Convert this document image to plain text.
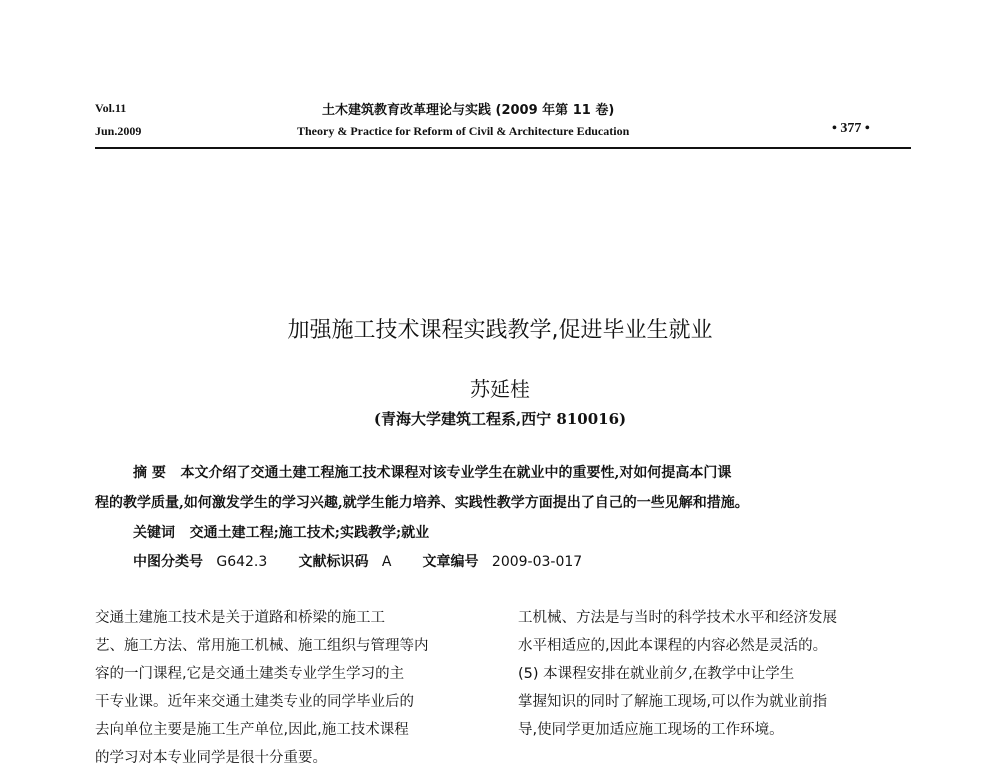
Vol.11
Jun.2009
土木建筑教育改革理论与实践 (2009 年第 11 卷)
Theory & Practice for Reform of Civil & Architecture Education	• 377 •
加强施工技术课程实践教学,促进毕业生就业
苏延桂
(青海大学建筑工程系,西宁 810016)
摘 要 本文介绍了交通土建工程施工技术课程对该专业学生在就业中的重要性,对如何提高本门课
程的教学质量,如何激发学生的学习兴趣,就学生能力培养、实践性教学方面提出了自己的一些见解和措施。
关键词 交通土建工程;施工技术;实践教学;就业
中图分类号 G642.3 文献标识码 A 文章编号 2009-03-017
交通土建施工技术是关于道路和桥梁的施工工
艺、施工方法、常用施工机械、施工组织与管理等内
容的一门课程,它是交通土建类专业学生学习的主
干专业课。近年来交通土建类专业的同学毕业后的
去向单位主要是施工生产单位,因此,施工技术课程
的学习对本专业同学是很十分重要。
工机械、方法是与当时的科学技术水平和经济发展
水平相适应的,因此本课程的内容必然是灵活的。
(5) 本课程安排在就业前夕,在教学中让学生
掌握知识的同时了解施工现场,可以作为就业前指
导,使同学更加适应施工现场的工作环境。
